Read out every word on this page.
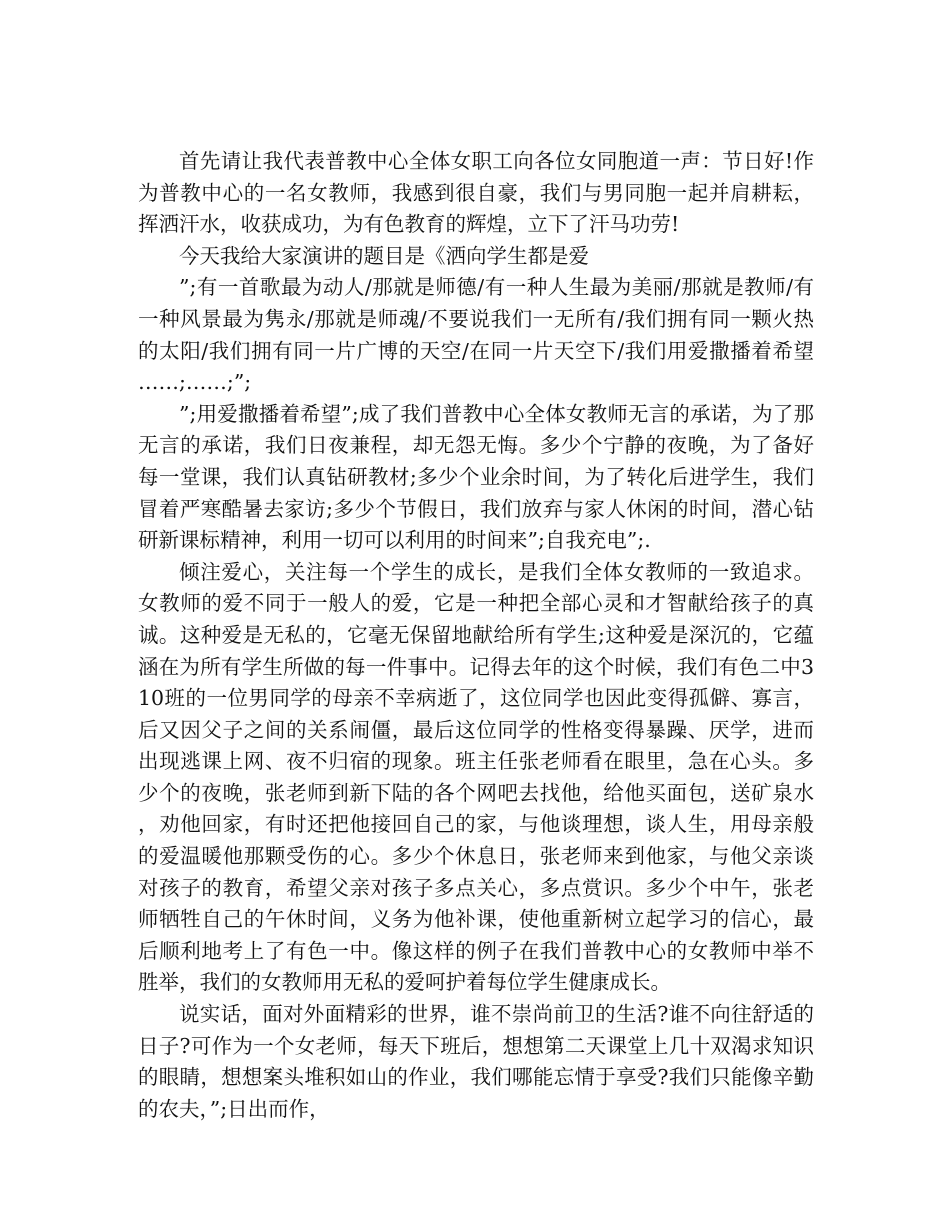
首先请让我代表普教中心全体女职工向各位女同胞道一声：节日好!作为普教中心的一名女教师，我感到很自豪，我们与男同胞一起并肩耕耘，挥洒汗水，收获成功，为有色教育的辉煌，立下了汗马功劳!

今天我给大家演讲的题目是《洒向学生都是爱

”;有一首歌最为动人/那就是师德/有一种人生最为美丽/那就是教师/有一种风景最为隽永/那就是师魂/不要说我们一无所有/我们拥有同一颗火热的太阳/我们拥有同一片广博的天空/在同一片天空下/我们用爱撒播着希望……;……;”;

”;用爱撒播着希望”;成了我们普教中心全体女教师无言的承诺，为了那无言的承诺，我们日夜兼程，却无怨无悔。多少个宁静的夜晚，为了备好每一堂课，我们认真钻研教材;多少个业余时间，为了转化后进学生，我们冒着严寒酷暑去家访;多少个节假日，我们放弃与家人休闲的时间，潜心钻研新课标精神，利用一切可以利用的时间来”;自我充电”;.

倾注爱心，关注每一个学生的成长，是我们全体女教师的一致追求。女教师的爱不同于一般人的爱，它是一种把全部心灵和才智献给孩子的真诚。这种爱是无私的，它毫无保留地献给所有学生;这种爱是深沉的，它蕴涵在为所有学生所做的每一件事中。记得去年的这个时候，我们有色二中310班的一位男同学的母亲不幸病逝了，这位同学也因此变得孤僻、寡言，后又因父子之间的关系闹僵，最后这位同学的性格变得暴躁、厌学，进而出现逃课上网、夜不归宿的现象。班主任张老师看在眼里，急在心头。多少个的夜晚，张老师到新下陆的各个网吧去找他，给他买面包，送矿泉水，劝他回家，有时还把他接回自己的家，与他谈理想，谈人生，用母亲般的爱温暖他那颗受伤的心。多少个休息日，张老师来到他家，与他父亲谈对孩子的教育，希望父亲对孩子多点关心，多点赏识。多少个中午，张老师牺牲自己的午休时间，义务为他补课，使他重新树立起学习的信心，最后顺利地考上了有色一中。像这样的例子在我们普教中心的女教师中举不胜举，我们的女教师用无私的爱呵护着每位学生健康成长。

说实话，面对外面精彩的世界，谁不崇尚前卫的生活?谁不向往舒适的日子?可作为一个女老师，每天下班后，想想第二天课堂上几十双渴求知识的眼睛，想想案头堆积如山的作业，我们哪能忘情于享受?我们只能像辛勤的农夫，”;日出而作，
